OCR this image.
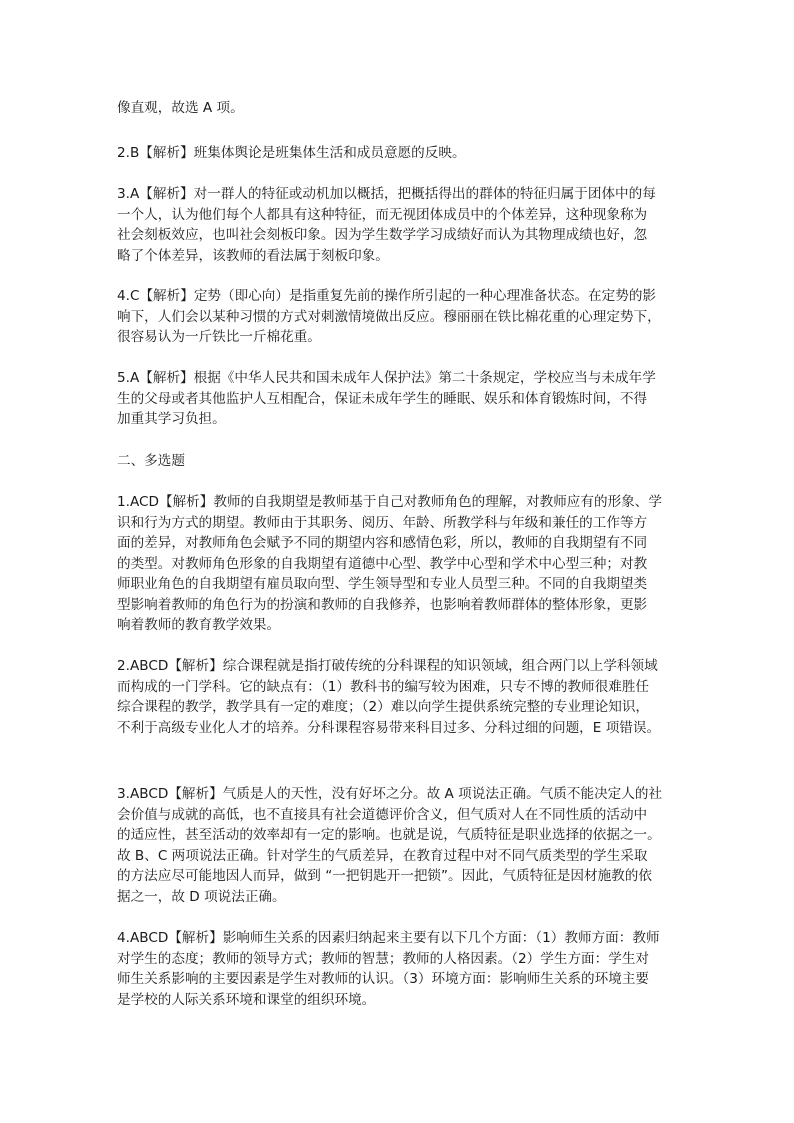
像直观，故选 A 项。
2.B【解析】班集体舆论是班集体生活和成员意愿的反映。
3.A【解析】对一群人的特征或动机加以概括，把概括得出的群体的特征归属于团体中的每
一个人，认为他们每个人都具有这种特征，而无视团体成员中的个体差异，这种现象称为
社会刻板效应，也叫社会刻板印象。因为学生数学学习成绩好而认为其物理成绩也好，忽
略了个体差异，该教师的看法属于刻板印象。
4.C【解析】定势（即心向）是指重复先前的操作所引起的一种心理准备状态。在定势的影
响下，人们会以某种习惯的方式对刺激情境做出反应。穆丽丽在铁比棉花重的心理定势下，
很容易认为一斤铁比一斤棉花重。
5.A【解析】根据《中华人民共和国未成年人保护法》第二十条规定，学校应当与未成年学
生的父母或者其他监护人互相配合，保证未成年学生的睡眠、娱乐和体育锻炼时间，不得
加重其学习负担。
二、多选题
1.ACD【解析】教师的自我期望是教师基于自己对教师角色的理解，对教师应有的形象、学
识和行为方式的期望。教师由于其职务、阅历、年龄、所教学科与年级和兼任的工作等方
面的差异，对教师角色会赋予不同的期望内容和感情色彩，所以，教师的自我期望有不同
的类型。对教师角色形象的自我期望有道德中心型、教学中心型和学术中心型三种；对教
师职业角色的自我期望有雇员取向型、学生领导型和专业人员型三种。不同的自我期望类
型影响着教师的角色行为的扮演和教师的自我修养，也影响着教师群体的整体形象，更影
响着教师的教育教学效果。
2.ABCD【解析】综合课程就是指打破传统的分科课程的知识领域，组合两门以上学科领域
而构成的一门学科。它的缺点有：（1）教科书的编写较为困难，只专不博的教师很难胜任
综合课程的教学，教学具有一定的难度；（2）难以向学生提供系统完整的专业理论知识，
不利于高级专业化人才的培养。分科课程容易带来科目过多、分科过细的问题，E 项错误。
3.ABCD【解析】气质是人的天性，没有好坏之分。故 A 项说法正确。气质不能决定人的社
会价值与成就的高低，也不直接具有社会道德评价含义，但气质对人在不同性质的活动中
的适应性，甚至活动的效率却有一定的影响。也就是说，气质特征是职业选择的依据之一。
故 B、C 两项说法正确。针对学生的气质差异，在教育过程中对不同气质类型的学生采取
的方法应尽可能地因人而异，做到 “一把钥匙开一把锁”。因此，气质特征是因材施教的依
据之一，故 D 项说法正确。
4.ABCD【解析】影响师生关系的因素归纳起来主要有以下几个方面：（1）教师方面：教师
对学生的态度；教师的领导方式；教师的智慧；教师的人格因素。（2）学生方面：学生对
师生关系影响的主要因素是学生对教师的认识。（3）环境方面：影响师生关系的环境主要
是学校的人际关系环境和课堂的组织环境。
